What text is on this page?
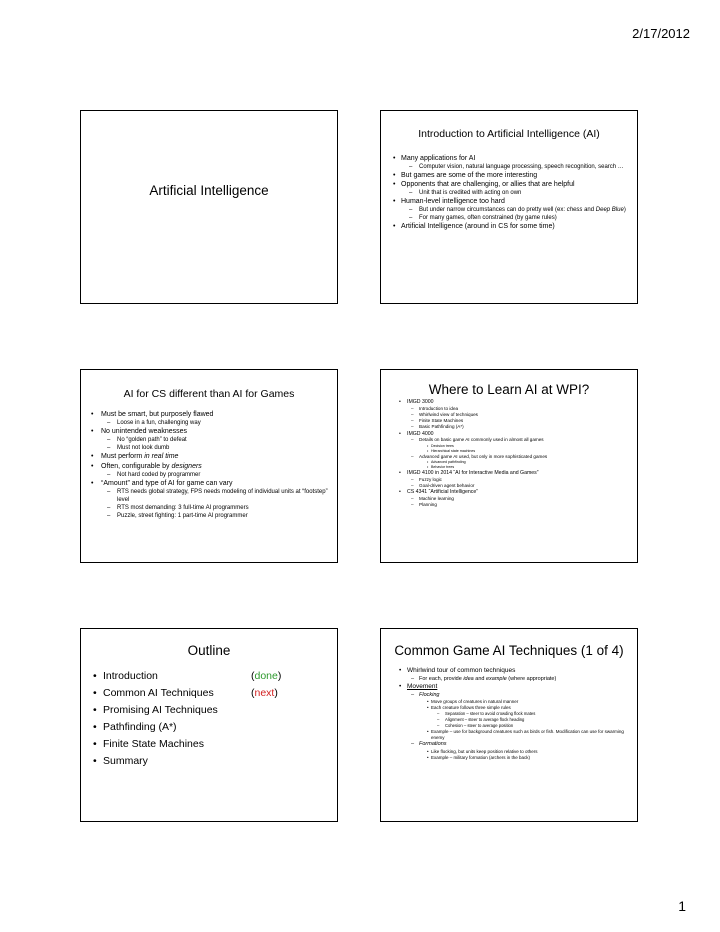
2/17/2012
Artificial Intelligence
Introduction to Artificial Intelligence (AI)
• Many applications for AI
– Computer vision, natural language processing, speech recognition, search …
• But games are some of the more interesting
• Opponents that are challenging, or allies that are helpful
– Unit that is credited with acting on own
• Human-level intelligence too hard
– But under narrow circumstances can do pretty well (ex: chess and Deep Blue)
– For many games, often constrained (by game rules)
• Artificial Intelligence (around in CS for some time)
AI for CS different than AI for Games
• Must be smart, but purposely flawed
– Loose in a fun, challenging way
• No unintended weaknesses
– No “golden path” to defeat
– Must not look dumb
• Must perform in real time
• Often, configurable by designers
– Not hard coded by programmer
• “Amount” and type of AI for game can vary
– RTS needs global strategy, FPS needs modeling of individual units at “footstep” level
– RTS most demanding: 3 full-time AI programmers
– Puzzle, street fighting: 1 part-time AI programmer
Where to Learn AI at WPI?
• IMGD 3000
– Introduction to idea
– Whirlwind view of techniques
– Finite State Machines
– Basic Pathfinding (A*)
• IMGD 4000
– Details on basic game AI commonly used in almost all games
• Decision trees
• Hierarchical state machines
– Advanced game AI used, but only in more sophisticated games
• Advanced pathfinding
• Behavior trees
• IMGD 4100 in 2014 “AI for Interactive Media and Games”
– Fuzzy logic
– Goal-driven agent behavior
• CS 4341 “Artificial Intelligence”
– Machine learning
– Planning
Outline
• Introduction	(done)
• Common AI Techniques	(next)
• Promising AI Techniques
• Pathfinding (A*)
• Finite State Machines
• Summary
Common Game AI Techniques (1 of 4)
• Whirlwind tour of common techniques
– For each, provide idea and example (where appropriate)
• Movement
– Flocking
• Move groups of creatures in natural manner
• Each creature follows three simple rules
– Separation – steer to avoid crowding flock mates
– Alignment – steer to average flock heading
– Cohesion – steer to average position
• Example – use for background creatures such as birds or fish. Modification can use for swarming enemy
– Formations
• Like flocking, but units keep position relative to others
• Example – military formation (archers in the back)
1
